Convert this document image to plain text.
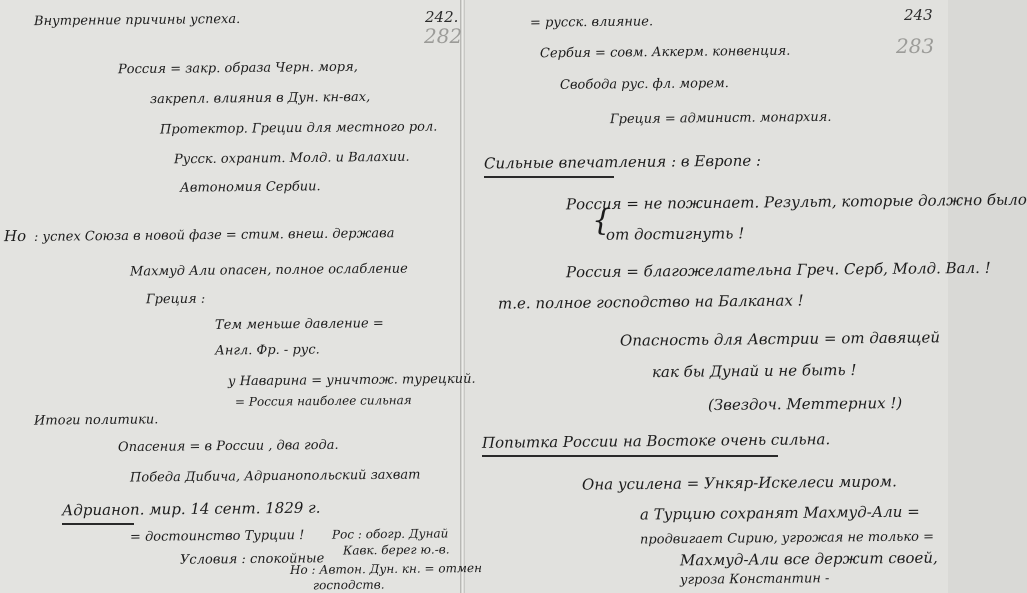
242.
282
Внутренние причины успеха.
Россия = закр. образа Черн. моря,
закрепл. влияния в Дун. кн-вах,
Протектор. Греции для местного рол.
Русск. охранит. Молд. и Валахии.
Автономия Сербии.
Но : успех Союза в новой фазе = стим. внеш. держава
Махмуд Али опасен, полное ослабление
Греция :
Тем меньше давление =
Англ. Фр. - рус.
у Наварина = уничтож. турецкий.
= Россия наиболее сильная
Итоги политики.
Опасения = в России , два года.
Победа Дибича, Адрианопольский захват
Адрианоп. мир. 14 сент. 1829 г.
= достоинство Турции !
Условия : спокойные
Рос : обогр. Дунай
Кавк. берег ю.-в.
Но : Автон. Дун. кн. = отмен
господств.
243
283
= русск. влияние.
Сербия = совм. Аккерм. конвенция.
Свобода рус. фл. морем.
Греция = админист. монархия.
Сильные впечатления : в Европе :
Россия = не пожинает. Результ, которые должно было
{
от достигнуть !
Россия = благожелательна Греч. Серб, Молд. Вал. !
т.е. полное господство на Балканах !
Опасность для Австрии = от давящей
как бы Дунай и не быть !
(Звездоч. Меттерних !)
Попытка России на Востоке очень сильна.
Она усилена = Ункяр-Искелеси миром.
а Турцию сохранят Махмуд-Али =
продвигает Сирию, угрожая не только =
Махмуд-Али все держит своей,
угроза Константин -
